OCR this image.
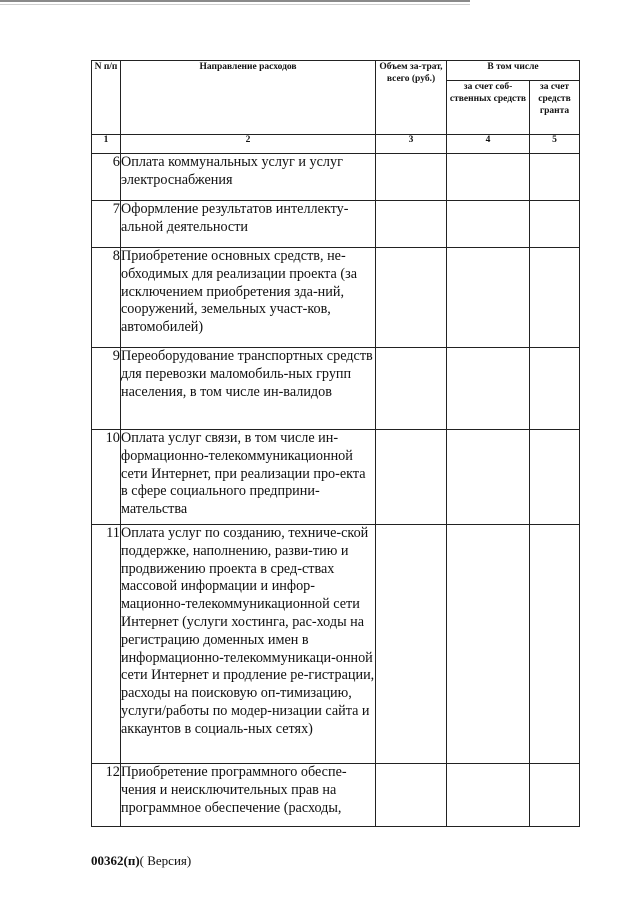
N п/п	Направление расходов	Объем за-трат, всего (руб.)	В том числе	
			за счет соб-ственных средств	за счет средств гранта
1	2	3	4	5
6	Оплата коммунальных услуг и услуг электроснабжения			
7	Оформление результатов интеллекту-альной деятельности			
8	Приобретение основных средств, не-обходимых для реализации проекта (за исключением приобретения зда-ний, сооружений, земельных участ-ков, автомобилей)			
9	Переоборудование транспортных средств для перевозки маломобиль-ных групп населения, в том числе ин-валидов			
10	Оплата услуг связи, в том числе ин-формационно-телекоммуникационной сети Интернет, при реализации про-екта в сфере социального предприни-мательства			
11	Оплата услуг по созданию, техниче-ской поддержке, наполнению, разви-тию и продвижению проекта в сред-ствах массовой информации и инфор-мационно-телекоммуникационной сети Интернет (услуги хостинга, рас-ходы на регистрацию доменных имен в информационно-телекоммуникаци-онной сети Интернет и продление ре-гистрации, расходы на поисковую оп-тимизацию, услуги/работы по модер-низации сайта и аккаунтов в социаль-ных сетях)			
12	Приобретение программного обеспе-чения и неисключительных прав на программное обеспечение (расходы,			
00362(п)( Версия)
